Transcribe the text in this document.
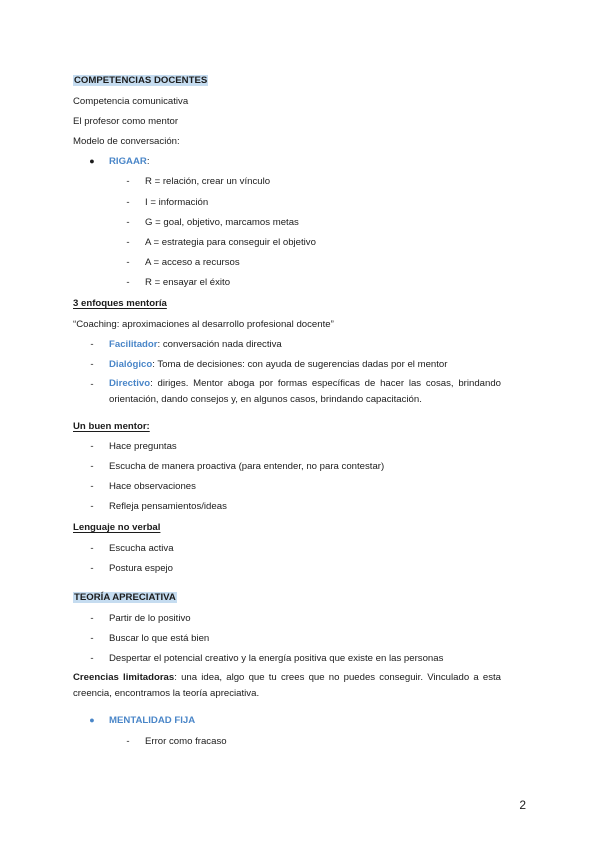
COMPETENCIAS DOCENTES
Competencia comunicativa
El profesor como mentor
Modelo de conversación:
●	RIGAAR:
-	R = relación, crear un vínculo
-	I = información
-	G = goal, objetivo, marcamos metas
-	A = estrategia para conseguir el objetivo
-	A = acceso a recursos
-	R = ensayar el éxito
3 enfoques mentoría
“Coaching: aproximaciones al desarrollo profesional docente”
-	Facilitador: conversación nada directiva
-	Dialógico: Toma de decisiones: con ayuda de sugerencias dadas por el mentor
-	Directivo: diriges. Mentor aboga por formas específicas de hacer las cosas, brindando orientación, dando consejos y, en algunos casos, brindando capacitación.
Un buen mentor:
-	Hace preguntas
-	Escucha de manera proactiva (para entender, no para contestar)
-	Hace observaciones
-	Refleja pensamientos/ideas
Lenguaje no verbal
-	Escucha activa
-	Postura espejo
TEORÍA APRECIATIVA
-	Partir de lo positivo
-	Buscar lo que está bien
-	Despertar el potencial creativo y la energía positiva que existe en las personas
Creencias limitadoras: una idea, algo que tu crees que no puedes conseguir. Vinculado a esta creencia, encontramos la teoría apreciativa.
●	MENTALIDAD FIJA
-	Error como fracaso
2
